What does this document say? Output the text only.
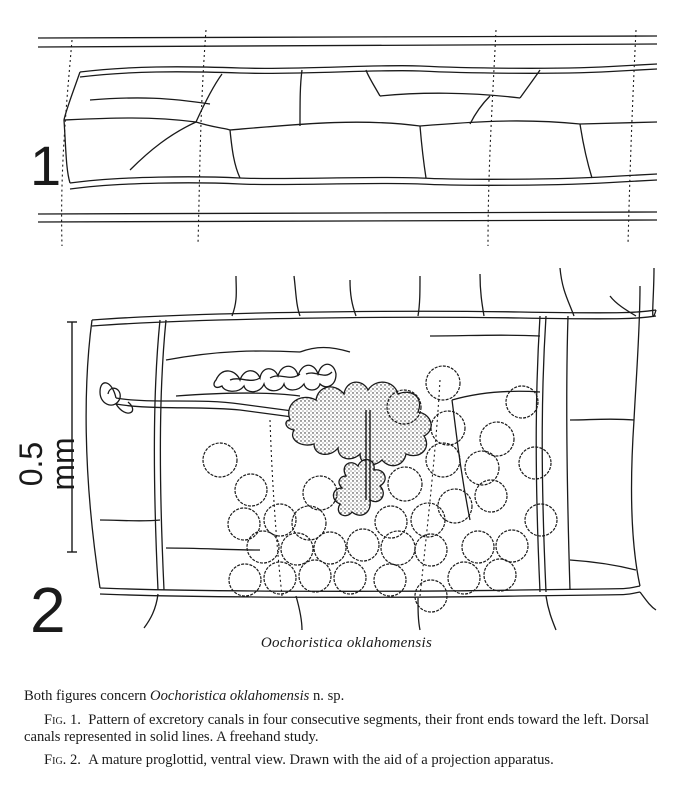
1
2
0.5 mm
Oochoristica oklahomensis
Both figures concern Oochoristica oklahomensis n. sp.
Fig. 1. Pattern of excretory canals in four consecutive segments, their front ends toward the left. Dorsal canals represented in solid lines. A freehand study.
Fig. 2. A mature proglottid, ventral view. Drawn with the aid of a projection apparatus.
